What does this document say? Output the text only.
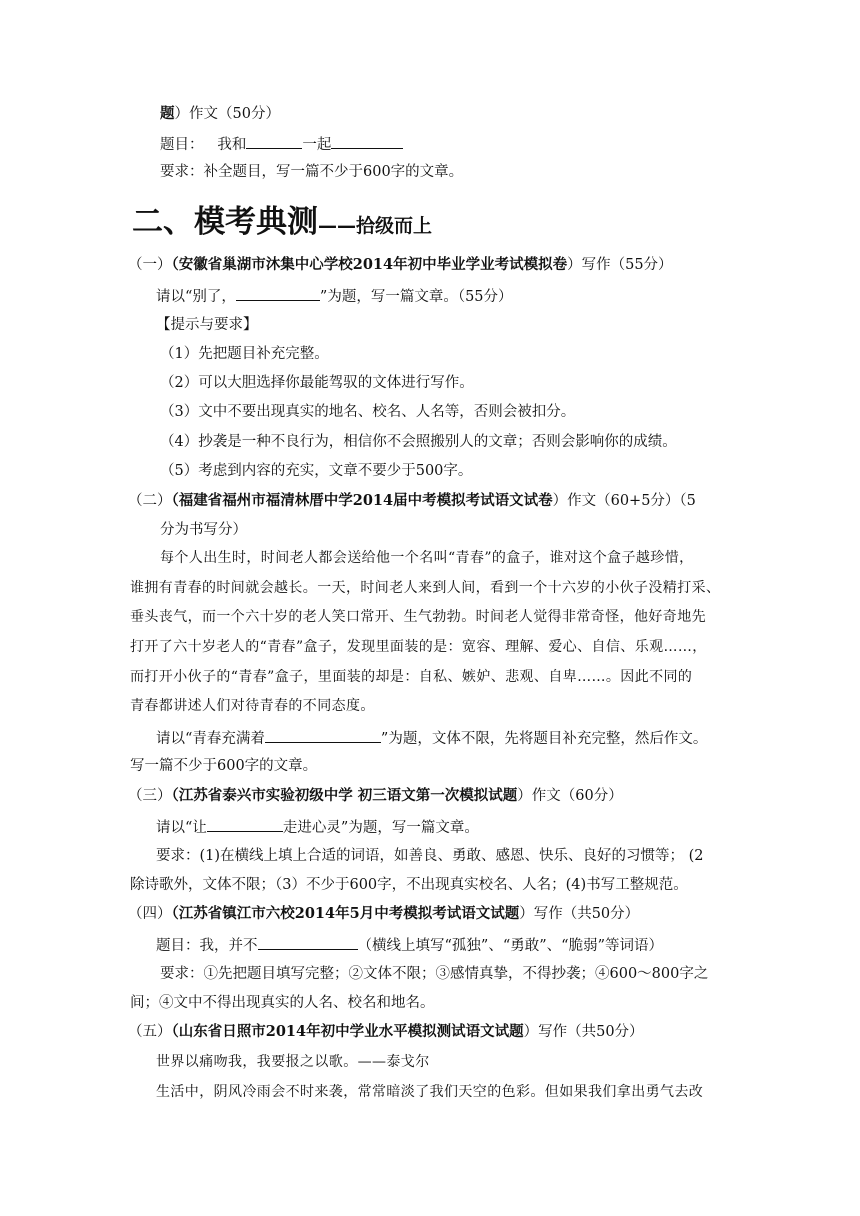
题）作文（50分）
题目： 我和	一起
要求：补全题目，写一篇不少于600字的文章。
二、模考典测——拾级而上
（一）（安徽省巢湖市沐集中心学校2014年初中毕业学业考试模拟卷）写作（55分）
请以“别了，	”为题，写一篇文章。（55分）
【提示与要求】
（1）先把题目补充完整。
（2）可以大胆选择你最能驾驭的文体进行写作。
（3）文中不要出现真实的地名、校名、人名等，否则会被扣分。
（4）抄袭是一种不良行为，相信你不会照搬别人的文章；否则会影响你的成绩。
（5）考虑到内容的充实，文章不要少于500字。
（二）（福建省福州市福清林厝中学2014届中考模拟考试语文试卷）作文（60+5分）（5
分为书写分）
每个人出生时，时间老人都会送给他一个名叫“青春”的盒子，谁对这个盒子越珍惜，
谁拥有青春的时间就会越长。一天，时间老人来到人间，看到一个十六岁的小伙子没精打采、
垂头丧气，而一个六十岁的老人笑口常开、生气勃勃。时间老人觉得非常奇怪，他好奇地先
打开了六十岁老人的“青春”盒子，发现里面装的是：宽容、理解、爱心、自信、乐观……，
而打开小伙子的“青春”盒子，里面装的却是：自私、嫉妒、悲观、自卑……。因此不同的
青春都讲述人们对待青春的不同态度。
请以“青春充满着	”为题，文体不限，先将题目补充完整，然后作文。
写一篇不少于600字的文章。
（三）（江苏省泰兴市实验初级中学 初三语文第一次模拟试题）作文（60分）
请以“让	走进心灵”为题，写一篇文章。
要求：(1)在横线上填上合适的词语，如善良、勇敢、感恩、快乐、良好的习惯等； (2
除诗歌外，文体不限；（3）不少于600字，不出现真实校名、人名；(4)书写工整规范。
（四）（江苏省镇江市六校2014年5月中考模拟考试语文试题）写作（共50分）
题目：我，并不	（横线上填写“孤独”、“勇敢”、“脆弱”等词语）
要求：①先把题目填写完整；②文体不限；③感情真挚，不得抄袭；④600～800字之
间；④文中不得出现真实的人名、校名和地名。
（五）（山东省日照市2014年初中学业水平模拟测试语文试题）写作（共50分）
世界以痛吻我，我要报之以歌。——泰戈尔
生活中，阴风冷雨会不时来袭，常常暗淡了我们天空的色彩。但如果我们拿出勇气去改
